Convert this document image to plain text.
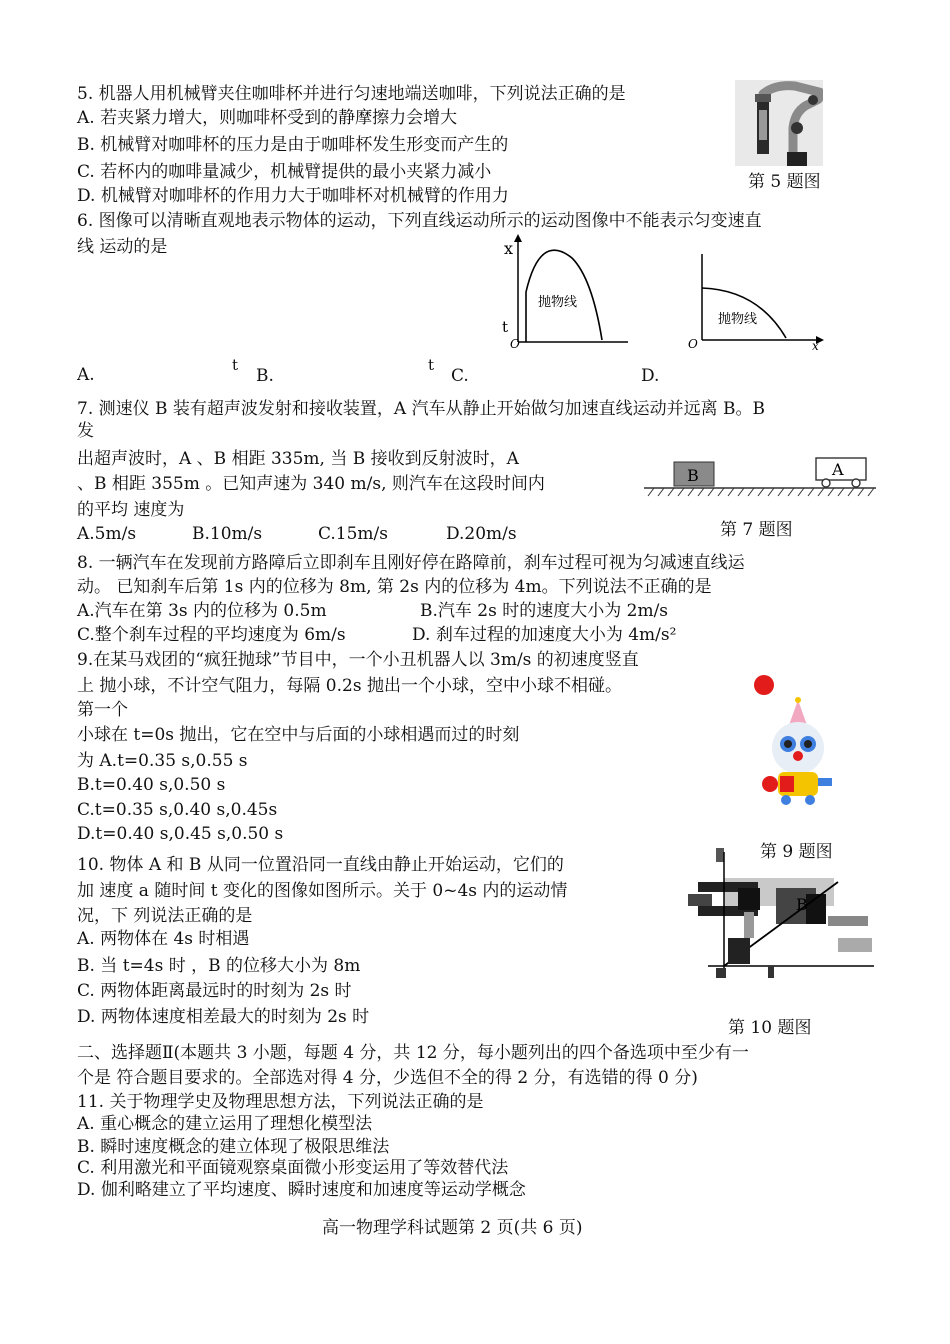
5. 机器人用机械臂夹住咖啡杯并进行匀速地端送咖啡，下列说法正确的是
A. 若夹紧力增大，则咖啡杯受到的静摩擦力会增大
B. 机械臂对咖啡杯的压力是由于咖啡杯发生形变而产生的
C. 若杯内的咖啡量减少，机械臂提供的最小夹紧力减小
D. 机械臂对咖啡杯的作用力大于咖啡杯对机械臂的作用力
第 5 题图
6. 图像可以清晰直观地表示物体的运动，下列直线运动所示的运动图像中不能表示匀变速直
线 运动的是	x
t
O
抛物线
O	x
抛物线
A.	t
B.
t
C.	D.
7. 测速仪 B 装有超声波发射和接收装置，A 汽车从静止开始做匀加速直线运动并远离 B。B
发
出超声波时，A 、B 相距 335m, 当 B 接收到反射波时，A
、B 相距 355m 。已知声速为 340 m/s, 则汽车在这段时间内
的平均 速度为
A.5m/s	B.10m/s	C.15m/s	D.20m/s
B	A
第 7 题图
8. 一辆汽车在发现前方路障后立即刹车且刚好停在路障前，刹车过程可视为匀减速直线运
动。 已知刹车后第 1s 内的位移为 8m, 第 2s 内的位移为 4m。下列说法不正确的是
A.汽车在第 3s 内的位移为 0.5m	B.汽车 2s 时的速度大小为 2m/s
C.整个刹车过程的平均速度为 6m/s	D. 刹车过程的加速度大小为 4m/s²
9.在某马戏团的“疯狂抛球”节目中，一个小丑机器人以 3m/s 的初速度竖直
上 抛小球，不计空气阻力，每隔 0.2s 抛出一个小球，空中小球不相碰。
第一个
小球在 t=0s 抛出，它在空中与后面的小球相遇而过的时刻
为 A.t=0.35 s,0.55 s
B.t=0.40 s,0.50 s
C.t=0.35 s,0.40 s,0.45s
D.t=0.40 s,0.45 s,0.50 s
第 9 题图
10. 物体 A 和 B 从同一位置沿同一直线由静止开始运动，它们的
加 速度 a 随时间 t 变化的图像如图所示。关于 0~4s 内的运动情
况，下 列说法正确的是
A. 两物体在 4s 时相遇
B. 当 t=4s 时 ，B 的位移大小为 8m
C. 两物体距离最远时的时刻为 2s 时
D. 两物体速度相差最大的时刻为 2s 时
B
第 10 题图
二、选择题Ⅱ(本题共 3 小题，每题 4 分，共 12 分，每小题列出的四个备选项中至少有一
个是 符合题目要求的。全部选对得 4 分，少选但不全的得 2 分，有选错的得 0 分)
11. 关于物理学史及物理思想方法，下列说法正确的是
A. 重心概念的建立运用了理想化模型法
B. 瞬时速度概念的建立体现了极限思维法
C. 利用激光和平面镜观察桌面微小形变运用了等效替代法
D. 伽利略建立了平均速度、瞬时速度和加速度等运动学概念
高一物理学科试题第 2 页(共 6 页)
